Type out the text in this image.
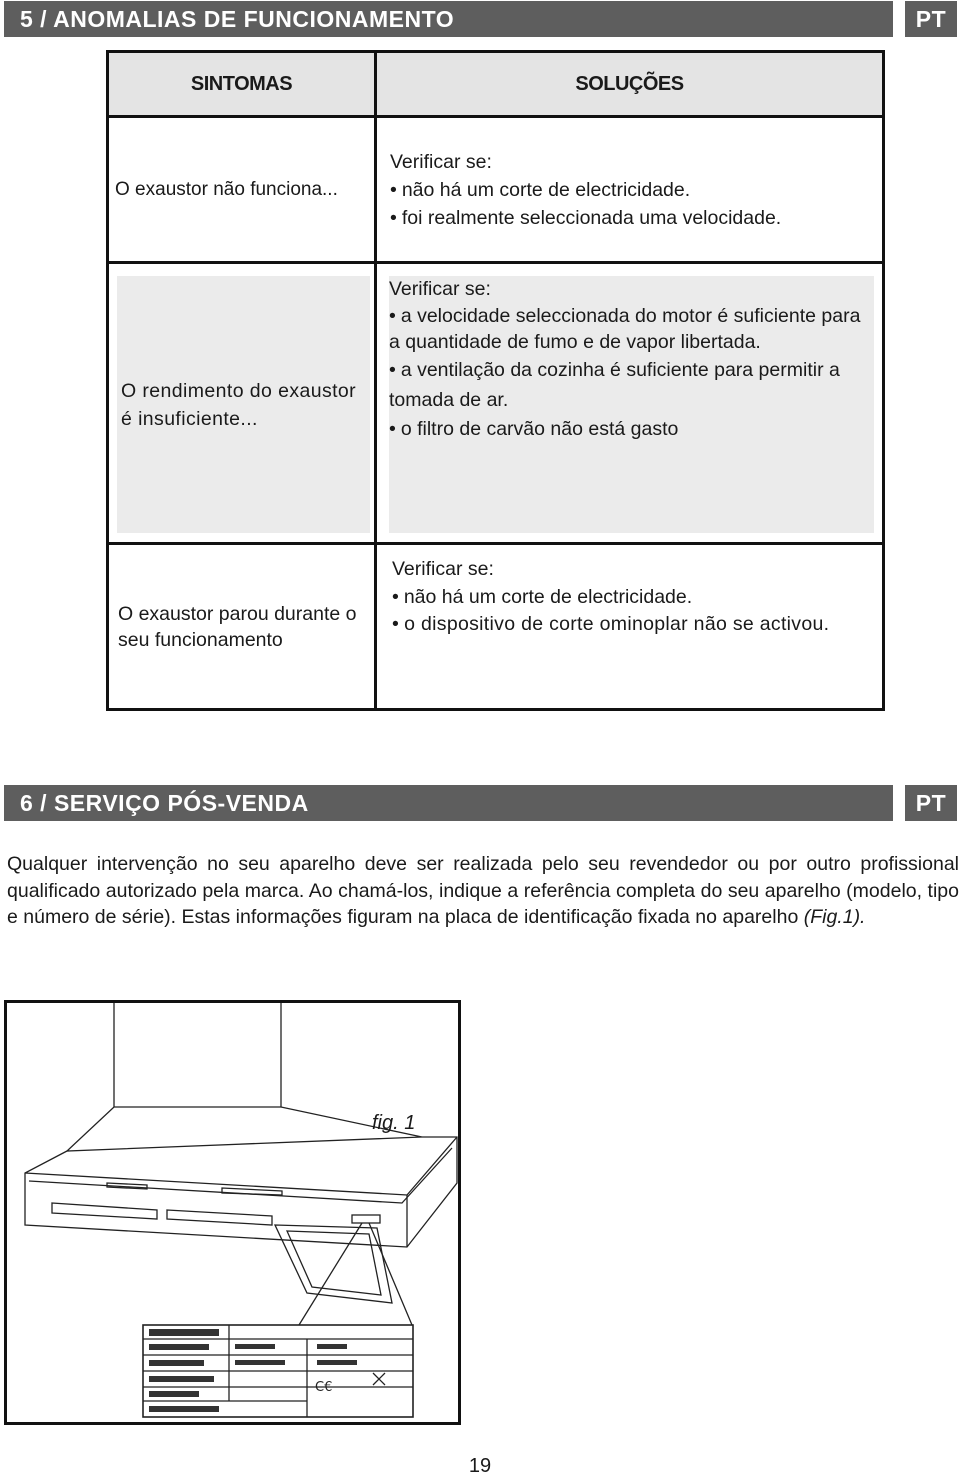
5 / ANOMALIAS DE FUNCIONAMENTO	PT
SINTOMAS	SOLUÇÕES
O exaustor não funciona...	Verificar se:
• não há um corte de electricidade.
• foi realmente seleccionada uma velocidade.

O rendimento do exaustor é insuficiente...	Verificar se:
• a velocidade seleccionada do motor é suficiente para a quantidade de fumo e de vapor libertada.
• a ventilação da cozinha é suficiente para permitir a tomada de ar.
• o filtro de carvão não está gasto

O exaustor parou durante o seu funcionamento	Verificar se:
• não há um corte de electricidade.
• o dispositivo de corte ominoplar não se activou.
6 / SERVIÇO PÓS-VENDA	PT
Qualquer intervenção no seu aparelho deve ser realizada pelo seu revendedor ou por outro profissional qualificado autorizado pela marca. Ao chamá-los, indique a referência completa do seu aparelho (modelo, tipo e número de série). Estas informações figuram na placa de identificação fixada no aparelho (Fig.1).
C€
fig. 1
19
